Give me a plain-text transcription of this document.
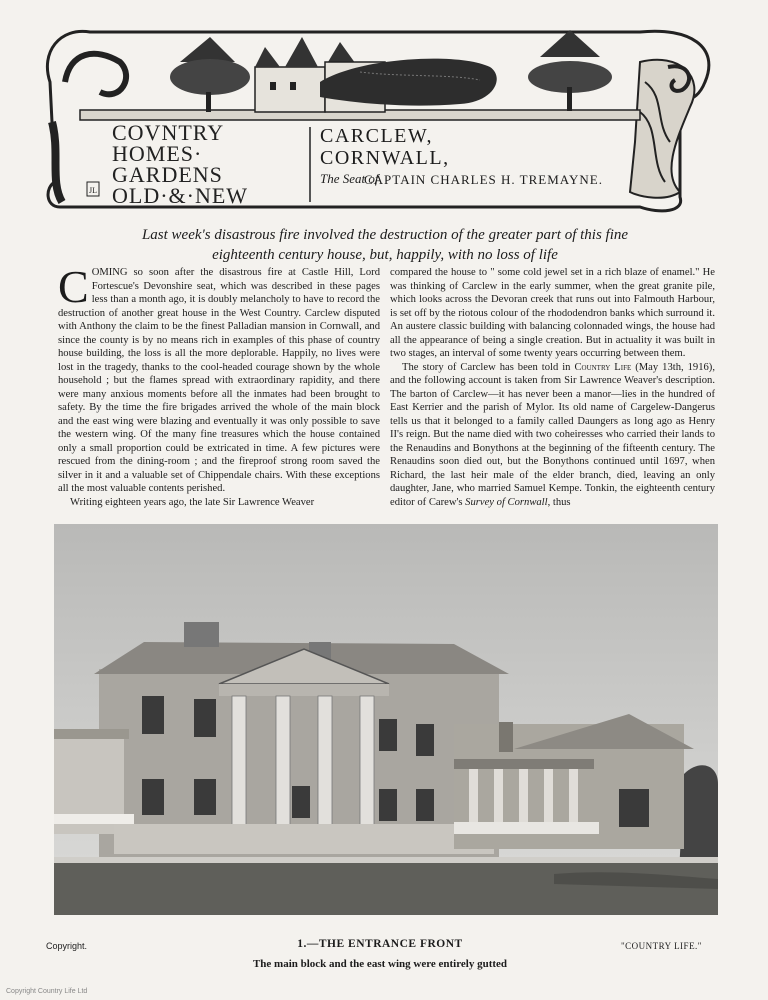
JL
COVNTRY
HOMES·
GARDENS
OLD·&·NEW
CARCLEW,
CORNWALL,
The Seat of
CAPTAIN CHARLES H. TREMAYNE.
Last week's disastrous fire involved the destruction of the greater part of this fine
eighteenth century house, but, happily, with no loss of life

COMING so soon after the disastrous fire at Castle Hill, Lord Fortescue's Devonshire seat, which was described in these pages less than a month ago, it is doubly melancholy to have to record the destruction of another great house in the West Country. Carclew disputed with Anthony the claim to be the finest Palladian mansion in Cornwall, and since the county is by no means rich in examples of this phase of country house building, the loss is all the more deplorable. Happily, no lives were lost in the tragedy, thanks to the cool-headed courage shown by the whole household ; but the flames spread with extraordinary rapidity, and there were many anxious moments before all the inmates had been brought to safety. By the time the fire brigades arrived the whole of the main block and the east wing were blazing and eventually it was only possible to save the western wing. Of the many fine treasures which the house contained only a small proportion could be extricated in time. A few pictures were rescued from the dining-room ; and the fireproof strong room saved the silver in it and a valuable set of Chippendale chairs. With these exceptions all the most valuable contents perished.

Writing eighteen years ago, the late Sir Lawrence Weaver

compared the house to " some cold jewel set in a rich blaze of enamel." He was thinking of Carclew in the early summer, when the great granite pile, which looks across the Devoran creek that runs out into Falmouth Harbour, is set off by the riotous colour of the rhododendron banks which surround it. An austere classic building with balancing colonnaded wings, the house had all the appearance of being a single creation. But in actuality it was built in two stages, an interval of some twenty years occurring between them.

The story of Carclew has been told in Country Life (May 13th, 1916), and the following account is taken from Sir Lawrence Weaver's description. The barton of Carclew—it has never been a manor—lies in the hundred of East Kerrier and the parish of Mylor. Its old name of Cargelew-Dangerus tells us that it belonged to a family called Daungers as long ago as Henry II's reign. But the name died with two coheiresses who carried their lands to the Renaudins and Bonythons at the beginning of the fifteenth century. The Renaudins soon died out, but the Bonythons continued until 1697, when Richard, the last heir male of the elder branch, died, leaving an only daughter, Jane, who married Samuel Kempe. Tonkin, the eighteenth century editor of Carew's Survey of Cornwall, thus

Copyright.	1.—THE ENTRANCE FRONT	"COUNTRY LIFE."
The main block and the east wing were entirely gutted
Copyright Country Life Ltd
